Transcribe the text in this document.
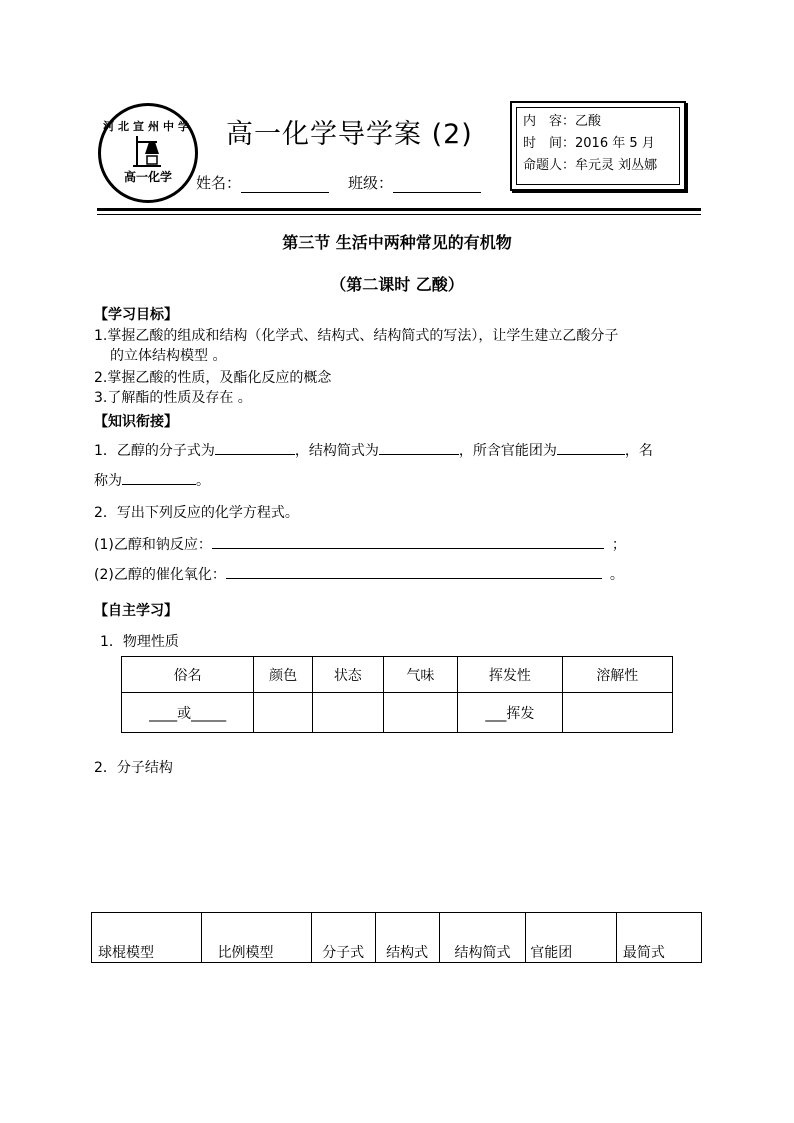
河北宣州中学
高一化学
高一化学导学案 (2)
姓名：	班级：
内　容：乙酸
时　间：2016 年 5 月
命题人：牟元灵 刘丛娜
第三节 生活中两种常见的有机物
（第二课时 乙酸）
【学习目标】
1.掌握乙酸的组成和结构（化学式、结构式、结构简式的写法），让学生建立乙酸分子
的立体结构模型 。
2.掌握乙酸的性质，及酯化反应的概念
3.了解酯的性质及存在 。
【知识衔接】
1．乙醇的分子式为	，结构简式为	，所含官能团为	，名
称为	。
2．写出下列反应的化学方程式。
(1)乙醇和钠反应：	；
(2)乙醇的催化氧化：	。
【自主学习】
1．物理性质
俗名	颜色	状态	气味	挥发性	溶解性
____或_____				___挥发	
2．分子结构
球棍模型	比例模型	分子式	结构式	结构简式	官能团	最简式
